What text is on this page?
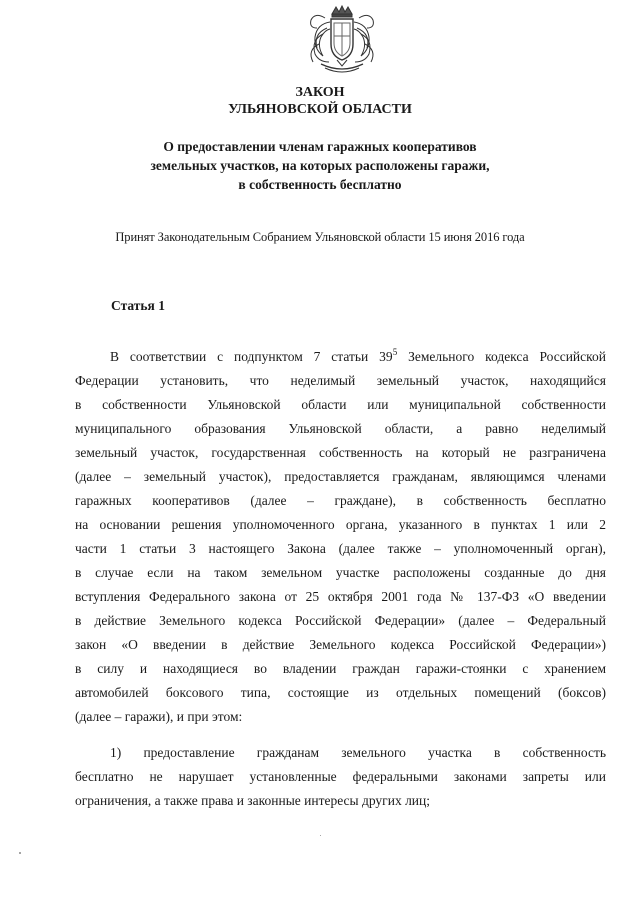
ЗАКОН
УЛЬЯНОВСКОЙ ОБЛАСТИ
О предоставлении членам гаражных кооперативов
земельных участков, на которых расположены гаражи,
в собственность бесплатно
Принят Законодательным Собранием Ульяновской области 15 июня 2016 года
Статья 1
В соответствии с подпунктом 7 статьи $39^5$ Земельного кодекса Российской
Федерации установить, что неделимый земельный участок, находящийся
в собственности Ульяновской области или муниципальной собственности
муниципального образования Ульяновской области, а равно неделимый
земельный участок, государственная собственность на который не разграничена
(далее – земельный участок), предоставляется гражданам, являющимся членами
гаражных кооперативов (далее – граждане), в собственность бесплатно
на основании решения уполномоченного органа, указанного в пунктах 1 или 2
части 1 статьи 3 настоящего Закона (далее также – уполномоченный орган),
в случае если на таком земельном участке расположены созданные до дня
вступления Федерального закона от 25 октября 2001 года № 137-ФЗ «О введении
в действие Земельного кодекса Российской Федерации» (далее – Федеральный
закон «О введении в действие Земельного кодекса Российской Федерации»)
в силу и находящиеся во владении граждан гаражи-стоянки с хранением
автомобилей боксового типа, состоящие из отдельных помещений (боксов)
(далее – гаражи), и при этом:
1) предоставление гражданам земельного участка в собственность
бесплатно не нарушает установленные федеральными законами запреты или
ограничения, а также права и законные интересы других лиц;
